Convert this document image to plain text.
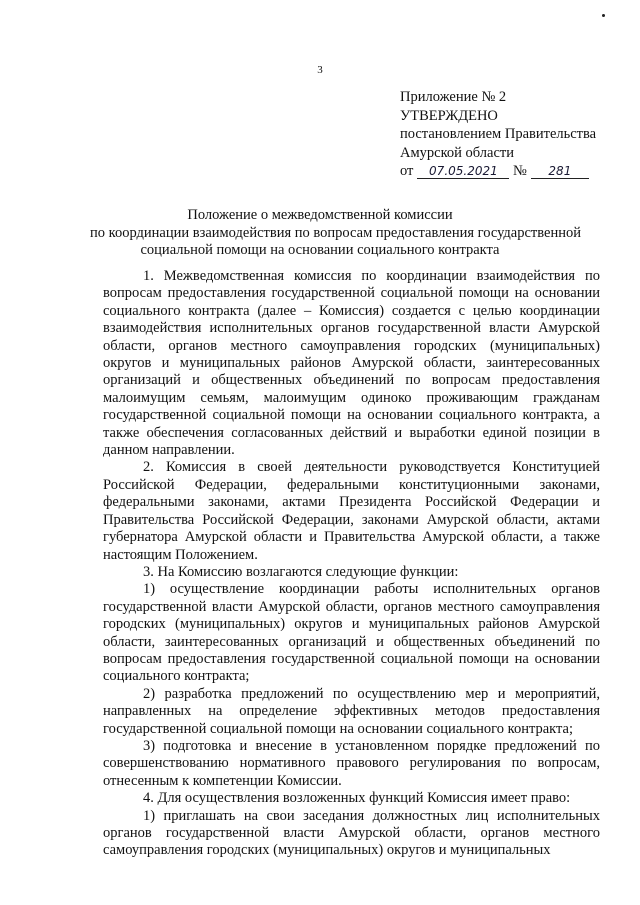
3
Приложение № 2
УТВЕРЖДЕНО
постановлением Правительства
Амурской области
от 07.05.2021 № 281
Положение о межведомственной комиссии
по координации взаимодействия по вопросам предоставления государственной
социальной помощи на основании социального контракта

1. Межведомственная комиссия по координации взаимодействия по вопросам предоставления государственной социальной помощи на основании социального контракта (далее – Комиссия) создается с целью координации взаимодействия исполнительных органов государственной власти Амурской области, органов местного самоуправления городских (муниципальных) округов и муниципальных районов Амурской области, заинтересованных организаций и общественных объединений по вопросам предоставления малоимущим семьям, малоимущим одиноко проживающим гражданам государственной социальной помощи на основании социального контракта, а также обеспечения согласованных действий и выработки единой позиции в данном направлении.

2. Комиссия в своей деятельности руководствуется Конституцией Российской Федерации, федеральными конституционными законами, федеральными законами, актами Президента Российской Федерации и Правительства Российской Федерации, законами Амурской области, актами губернатора Амурской области и Правительства Амурской области, а также настоящим Положением.

3. На Комиссию возлагаются следующие функции:

1) осуществление координации работы исполнительных органов государственной власти Амурской области, органов местного самоуправления городских (муниципальных) округов и муниципальных районов Амурской области, заинтересованных организаций и общественных объединений по вопросам предоставления государственной социальной помощи на основании социального контракта;

2) разработка предложений по осуществлению мер и мероприятий, направленных на определение эффективных методов предоставления государственной социальной помощи на основании социального контракта;

3) подготовка и внесение в установленном порядке предложений по совершенствованию нормативного правового регулирования по вопросам, отнесенным к компетенции Комиссии.

4. Для осуществления возложенных функций Комиссия имеет право:

1) приглашать на свои заседания должностных лиц исполнительных органов государственной власти Амурской области, органов местного самоуправления городских (муниципальных) округов и муниципальных
